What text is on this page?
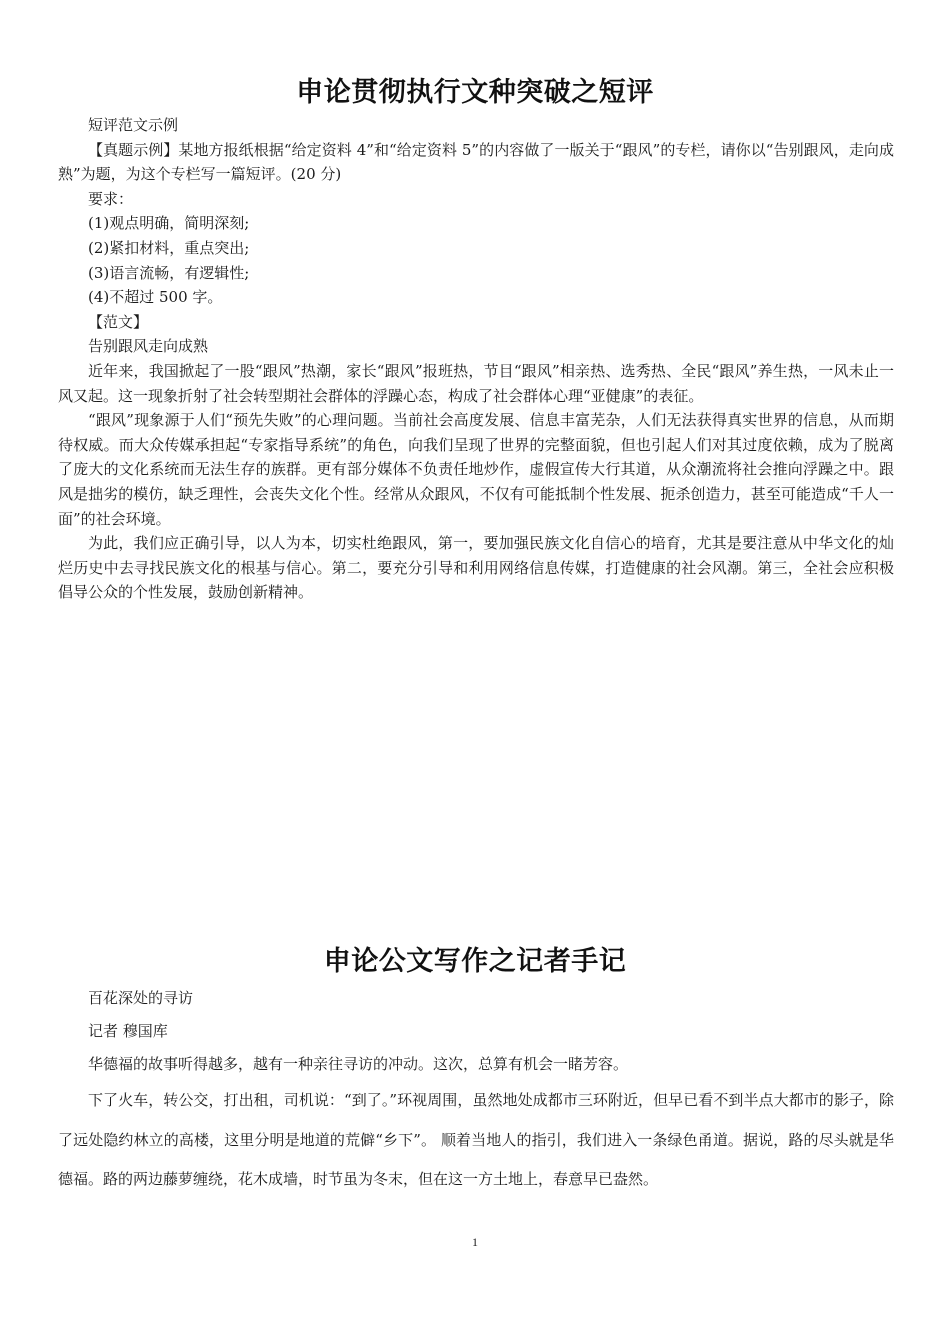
申论贯彻执行文种突破之短评

短评范文示例

【真题示例】某地方报纸根据“给定资料 4”和“给定资料 5”的内容做了一版关于“跟风”的专栏，请你以“告别跟风，走向成熟”为题，为这个专栏写一篇短评。(20 分)

要求：

(1)观点明确，简明深刻;

(2)紧扣材料，重点突出;

(3)语言流畅，有逻辑性;

(4)不超过 500 字。

【范文】

告别跟风走向成熟

近年来，我国掀起了一股“跟风”热潮，家长“跟风”报班热，节目“跟风”相亲热、选秀热、全民“跟风”养生热，一风未止一风又起。这一现象折射了社会转型期社会群体的浮躁心态，构成了社会群体心理“亚健康”的表征。

“跟风”现象源于人们“预先失败”的心理问题。当前社会高度发展、信息丰富芜杂，人们无法获得真实世界的信息，从而期待权威。而大众传媒承担起“专家指导系统”的角色，向我们呈现了世界的完整面貌，但也引起人们对其过度依赖，成为了脱离了庞大的文化系统而无法生存的族群。更有部分媒体不负责任地炒作，虚假宣传大行其道，从众潮流将社会推向浮躁之中。跟风是拙劣的模仿，缺乏理性，会丧失文化个性。经常从众跟风，不仅有可能抵制个性发展、扼杀创造力，甚至可能造成“千人一面”的社会环境。

为此，我们应正确引导，以人为本，切实杜绝跟风，第一，要加强民族文化自信心的培育，尤其是要注意从中华文化的灿烂历史中去寻找民族文化的根基与信心。第二，要充分引导和利用网络信息传媒，打造健康的社会风潮。第三，全社会应积极倡导公众的个性发展，鼓励创新精神。

申论公文写作之记者手记

百花深处的寻访

记者 穆国库

华德福的故事听得越多，越有一种亲往寻访的冲动。这次，总算有机会一睹芳容。

下了火车，转公交，打出租，司机说：“到了。”环视周围，虽然地处成都市三环附近，但早已看不到半点大都市的影子，除了远处隐约林立的高楼，这里分明是地道的荒僻“乡下”。 顺着当地人的指引，我们进入一条绿色甬道。据说，路的尽头就是华德福。路的两边藤萝缠绕，花木成墙，时节虽为冬末，但在这一方土地上，春意早已盎然。

1
